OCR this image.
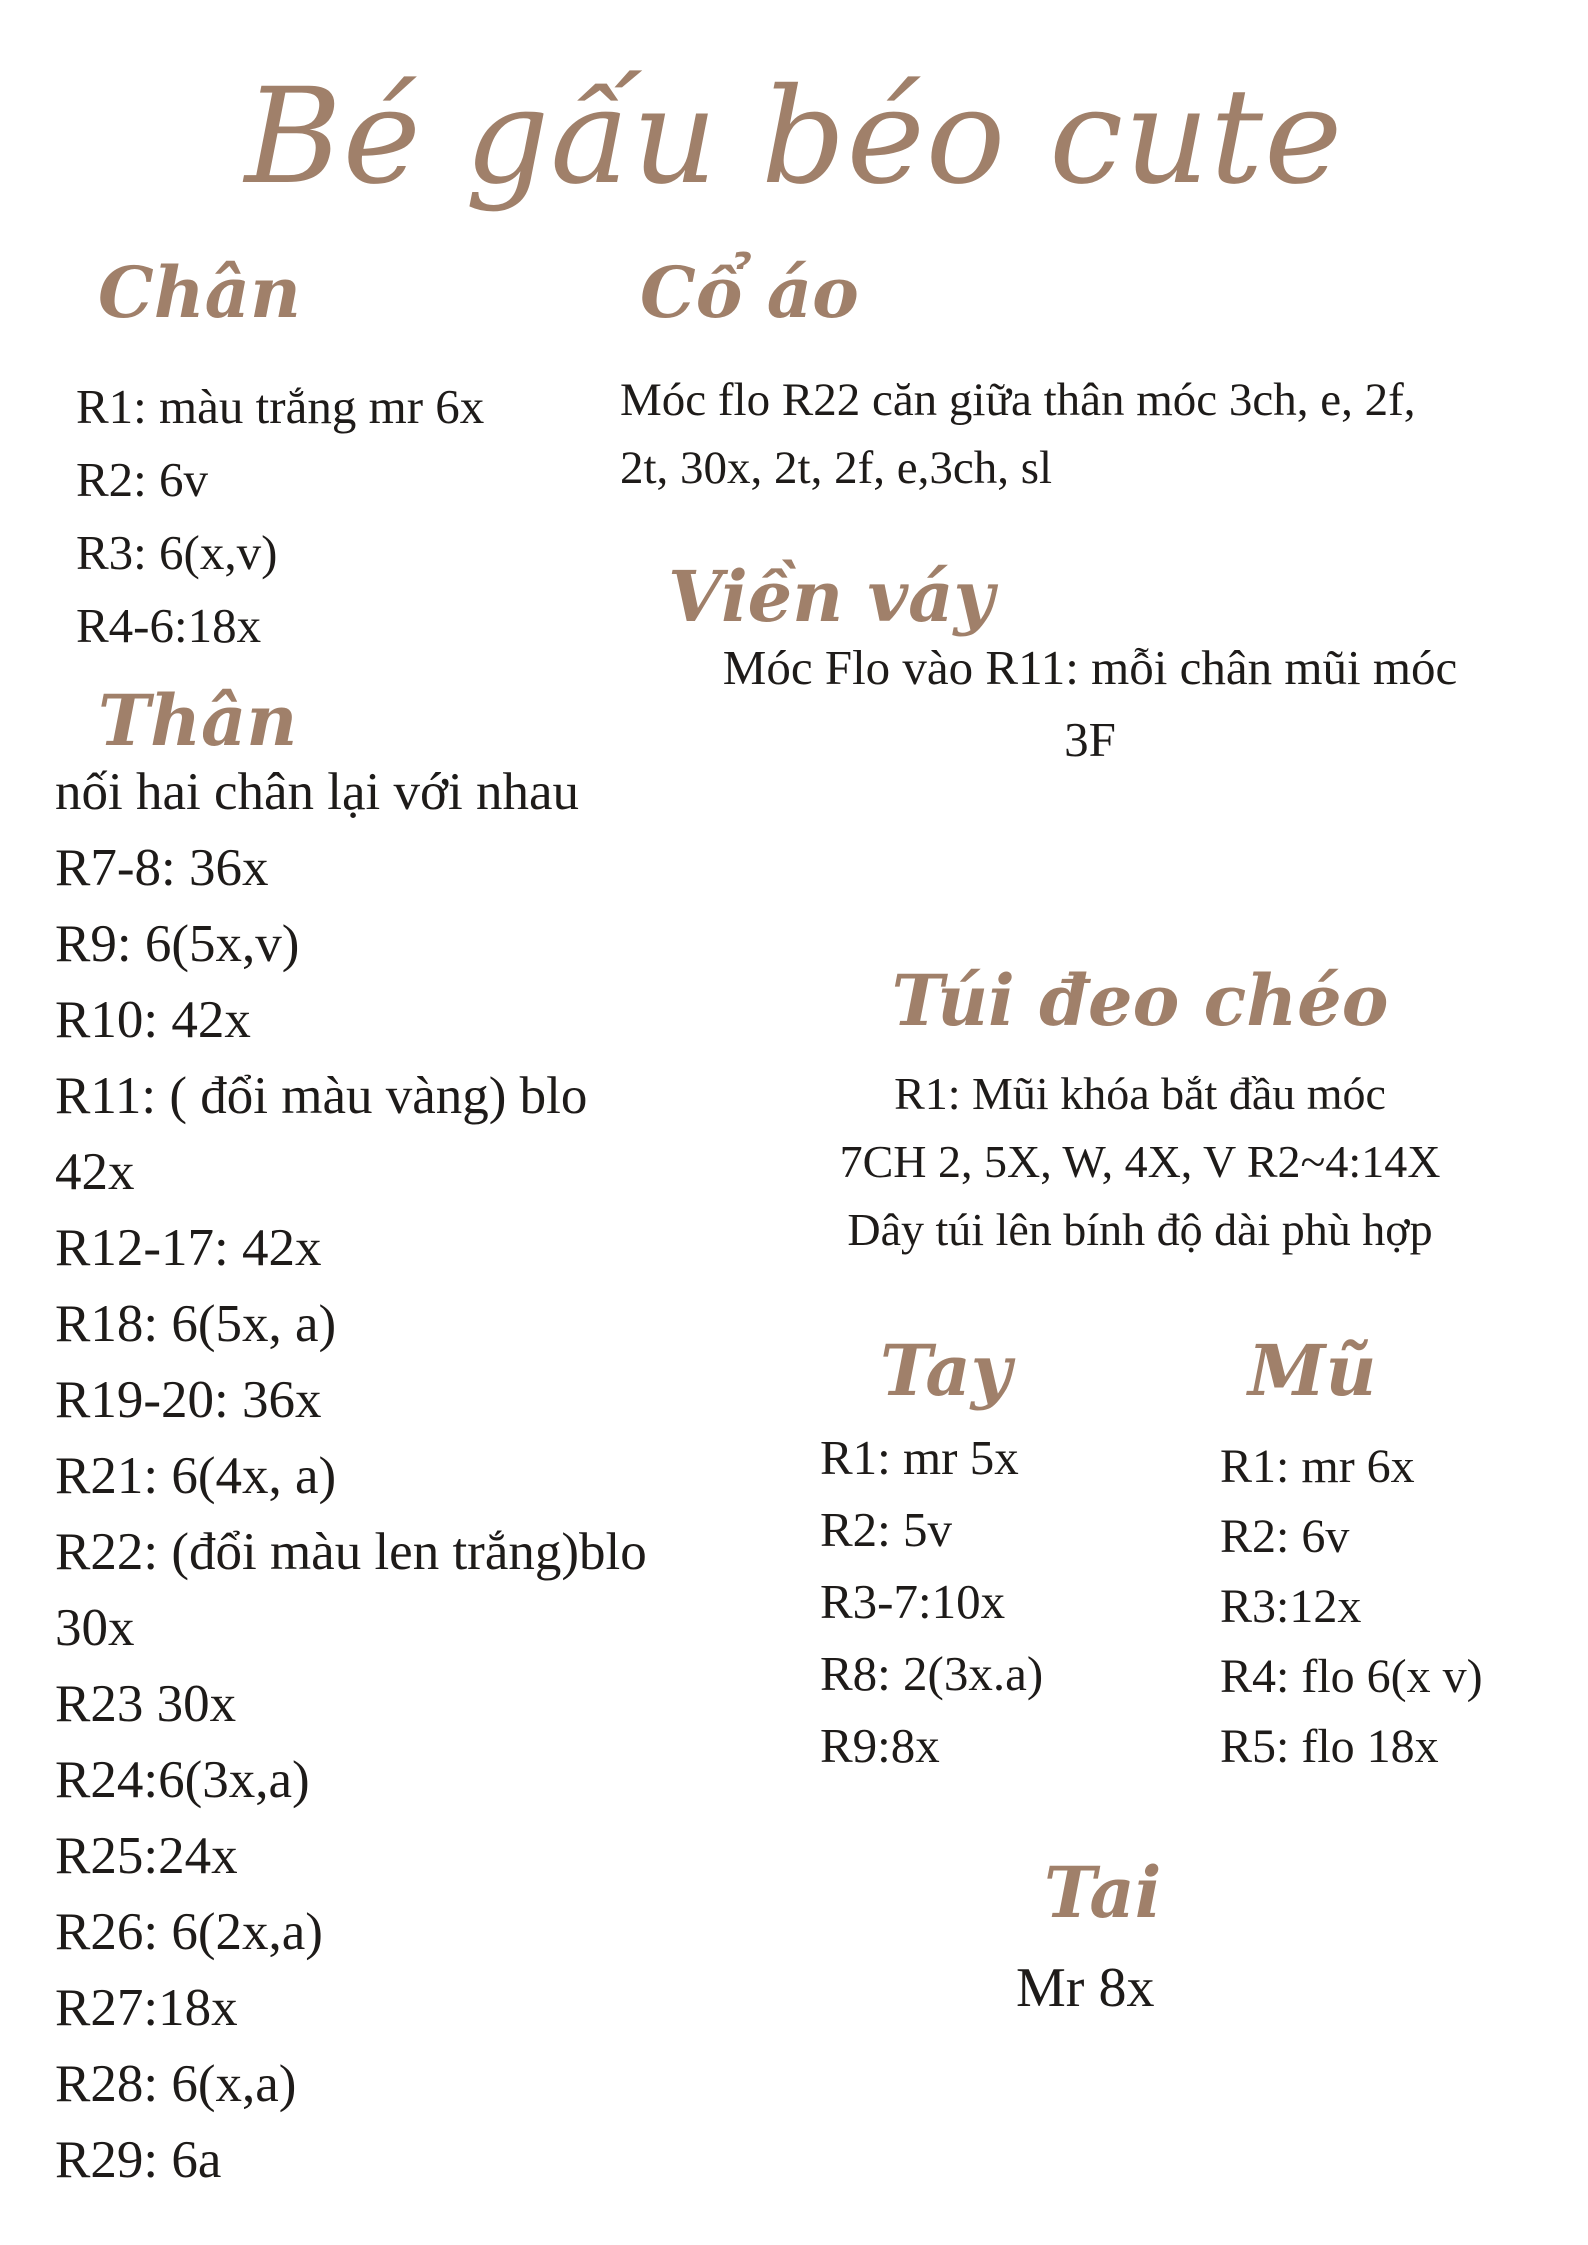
Bé gấu béo cute
Chân
R1: màu trắng mr 6x
R2: 6v
R3: 6(x,v)
R4-6:18x
Cổ áo
Móc flo R22 căn giữa thân móc 3ch, e, 2f,
2t, 30x, 2t, 2f, e,3ch, sl
Viền váy
Móc Flo vào R11: mỗi chân mũi móc
3F
Thân
nối hai chân lại với nhau
R7-8: 36x
R9: 6(5x,v)
R10: 42x
R11: ( đổi màu vàng) blo
42x
R12-17: 42x
R18: 6(5x, a)
R19-20: 36x
R21: 6(4x, a)
R22: (đổi màu len trắng)blo
30x
R23 30x
R24:6(3x,a)
R25:24x
R26: 6(2x,a)
R27:18x
R28: 6(x,a)
R29: 6a
Túi đeo chéo
R1: Mũi khóa bắt đầu móc
7CH 2, 5X, W, 4X, V R2~4:14X
Dây túi lên bính độ dài phù hợp
Tay
R1: mr 5x
R2: 5v
R3-7:10x
R8: 2(3x.a)
R9:8x
Mũ
R1: mr 6x
R2: 6v
R3:12x
R4: flo 6(x v)
R5: flo 18x
Tai
Mr 8x
